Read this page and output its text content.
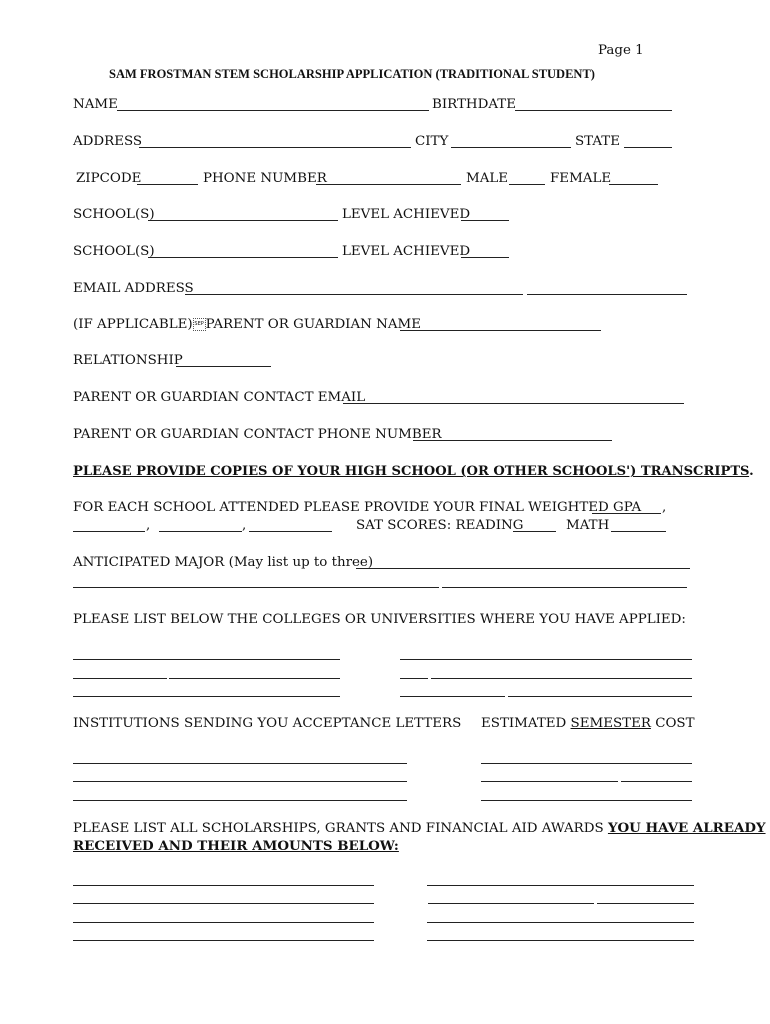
Page 1
SAM FROSTMAN STEM SCHOLARSHIP APPLICATION (TRADITIONAL STUDENT)
NAME	BIRTHDATE
ADDRESS	CITY	STATE
ZIPCODE	PHONE NUMBER	MALE	FEMALE
SCHOOL(S)	LEVEL ACHIEVED
SCHOOL(S)	LEVEL ACHIEVED
EMAIL ADDRESS
(IF APPLICABLE) SEP PARENT OR GUARDIAN NAME
RELATIONSHIP
PARENT OR GUARDIAN CONTACT EMAIL
PARENT OR GUARDIAN CONTACT PHONE NUMBER
PLEASE PROVIDE COPIES OF YOUR HIGH SCHOOL (OR OTHER SCHOOLS') TRANSCRIPTS.
FOR EACH SCHOOL ATTENDED PLEASE PROVIDE YOUR FINAL WEIGHTED GPA ,
,	,	SAT SCORES: READING	MATH
ANTICIPATED MAJOR (May list up to three)
PLEASE LIST BELOW THE COLLEGES OR UNIVERSITIES WHERE YOU HAVE APPLIED:
INSTITUTIONS SENDING YOU ACCEPTANCE LETTERS ESTIMATED SEMESTER COST
PLEASE LIST ALL SCHOLARSHIPS, GRANTS AND FINANCIAL AID AWARDS YOU HAVE ALREADY
RECEIVED AND THEIR AMOUNTS BELOW:
